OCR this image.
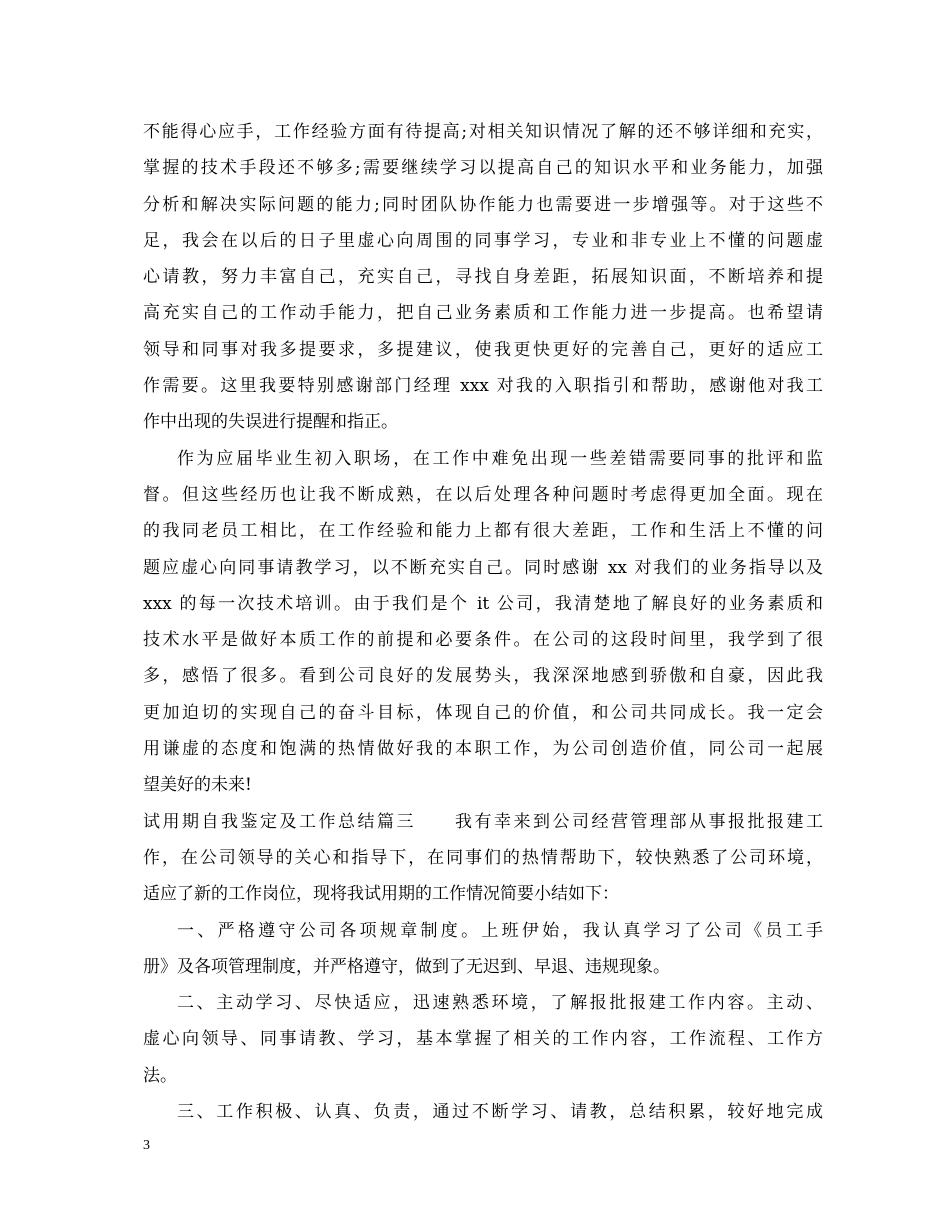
不能得心应手，工作经验方面有待提高;对相关知识情况了解的还不够详细和充实，
掌握的技术手段还不够多;需要继续学习以提高自己的知识水平和业务能力，加强
分析和解决实际问题的能力;同时团队协作能力也需要进一步增强等。对于这些不
足，我会在以后的日子里虚心向周围的同事学习，专业和非专业上不懂的问题虚
心请教，努力丰富自己，充实自己，寻找自身差距，拓展知识面，不断培养和提
高充实自己的工作动手能力，把自己业务素质和工作能力进一步提高。也希望请
领导和同事对我多提要求，多提建议，使我更快更好的完善自己，更好的适应工
作需要。这里我要特别感谢部门经理 xxx 对我的入职指引和帮助，感谢他对我工
作中出现的失误进行提醒和指正。
作为应届毕业生初入职场，在工作中难免出现一些差错需要同事的批评和监
督。但这些经历也让我不断成熟，在以后处理各种问题时考虑得更加全面。现在
的我同老员工相比，在工作经验和能力上都有很大差距，工作和生活上不懂的问
题应虚心向同事请教学习，以不断充实自己。同时感谢 xx 对我们的业务指导以及
xxx 的每一次技术培训。由于我们是个 it 公司，我清楚地了解良好的业务素质和
技术水平是做好本质工作的前提和必要条件。在公司的这段时间里，我学到了很
多，感悟了很多。看到公司良好的发展势头，我深深地感到骄傲和自豪，因此我
更加迫切的实现自己的奋斗目标，体现自己的价值，和公司共同成长。我一定会
用谦虚的态度和饱满的热情做好我的本职工作，为公司创造价值，同公司一起展
望美好的未来!
试用期自我鉴定及工作总结篇三　　我有幸来到公司经营管理部从事报批报建工
作，在公司领导的关心和指导下，在同事们的热情帮助下，较快熟悉了公司环境，
适应了新的工作岗位，现将我试用期的工作情况简要小结如下：
一、严格遵守公司各项规章制度。上班伊始，我认真学习了公司《员工手
册》及各项管理制度，并严格遵守，做到了无迟到、早退、违规现象。
二、主动学习、尽快适应，迅速熟悉环境，了解报批报建工作内容。主动、
虚心向领导、同事请教、学习，基本掌握了相关的工作内容，工作流程、工作方
法。
三、工作积极、认真、负责，通过不断学习、请教，总结积累，较好地完成
3
